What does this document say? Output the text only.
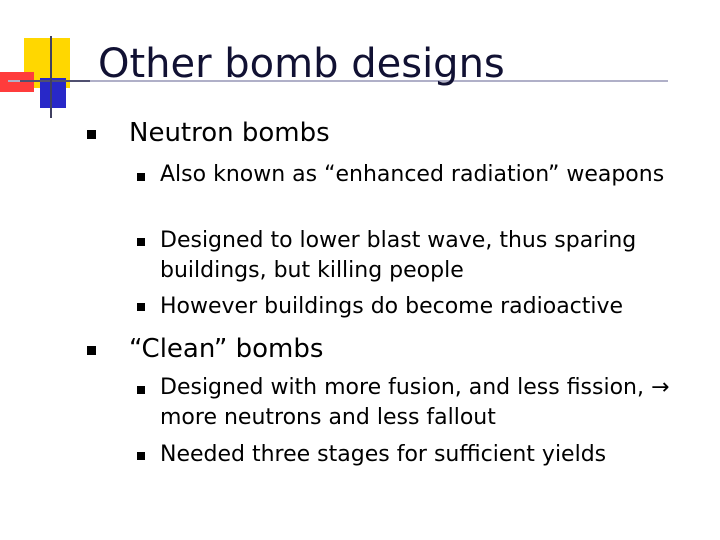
Other bomb designs

Neutron bombs

Also known as “enhanced radiation” weapons

Designed to lower blast wave, thus sparing buildings, but killing people

However buildings do become radioactive

“Clean” bombs

Designed with more fusion, and less fission, → more neutrons and less fallout

Needed three stages for sufficient yields
